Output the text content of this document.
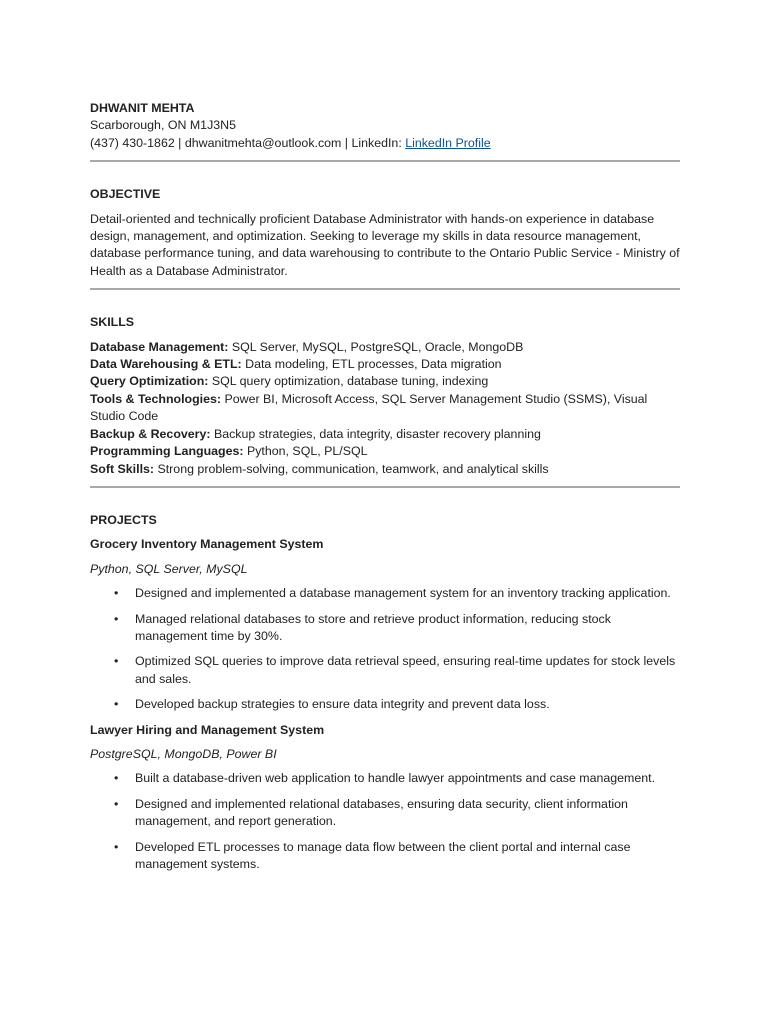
DHWANIT MEHTA

Scarborough, ON M1J3N5

(437) 430-1862 | dhwanitmehta@outlook.com | LinkedIn: LinkedIn Profile

OBJECTIVE

Detail-oriented and technically proficient Database Administrator with hands-on experience in database design, management, and optimization. Seeking to leverage my skills in data resource management, database performance tuning, and data warehousing to contribute to the Ontario Public Service - Ministry of Health as a Database Administrator.

SKILLS

Database Management: SQL Server, MySQL, PostgreSQL, Oracle, MongoDB
Data Warehousing & ETL: Data modeling, ETL processes, Data migration
Query Optimization: SQL query optimization, database tuning, indexing
Tools & Technologies: Power BI, Microsoft Access, SQL Server Management Studio (SSMS), Visual Studio Code
Backup & Recovery: Backup strategies, data integrity, disaster recovery planning
Programming Languages: Python, SQL, PL/SQL
Soft Skills: Strong problem-solving, communication, teamwork, and analytical skills

PROJECTS

Grocery Inventory Management System

Python, SQL Server, MySQL

• Designed and implemented a database management system for an inventory tracking application.
• Managed relational databases to store and retrieve product information, reducing stock management time by 30%.
• Optimized SQL queries to improve data retrieval speed, ensuring real-time updates for stock levels and sales.
• Developed backup strategies to ensure data integrity and prevent data loss.

Lawyer Hiring and Management System

PostgreSQL, MongoDB, Power BI

• Built a database-driven web application to handle lawyer appointments and case management.
• Designed and implemented relational databases, ensuring data security, client information management, and report generation.
• Developed ETL processes to manage data flow between the client portal and internal case management systems.
